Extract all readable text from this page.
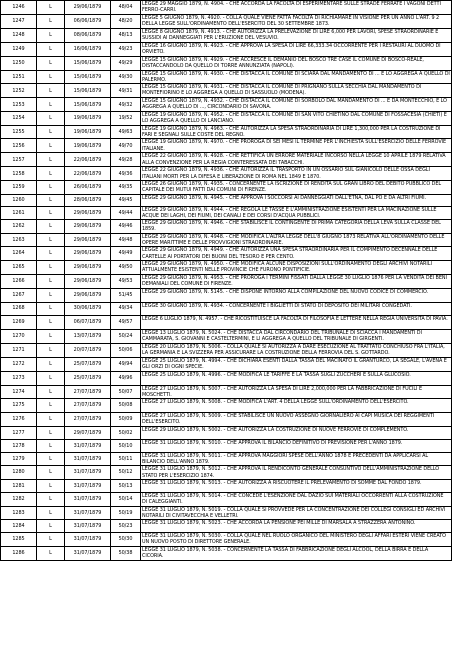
1246	L	29/06/1879	48/04	LEGGE 29 MAGGIO 1879, N. 4904. - CHE ACCORDA LA FACOLTA DI ESPERIMENTARE SULLE STRADE FERRATE I VAGONI DETTI FERRO-CARRI.
1247	L	06/06/1879	48/20	LEGGE 5 GIUGNO 1879, N. 4920. - COLLA QUALE VIENE FATTA FACOLTA DI RICHIAMARE IN VISIONE PER UN ANNO L'ART. 9 2 DELLA LEGGE SULL'ORDINAMENTO DELL'ESERCITO DEL 30 SETTEMBRE 1873.
1248	L	08/06/1879	48/13	LEGGE 8 GIUGNO 1879, N. 4913. - CHE AUTORIZZA LA PRELEVAZIONE DI LIRE 6,000 PER LAVORI, SPESE STRAORDINARIE E SUSSIDI AI DANNEGGIATI PER L'ERUZIONE DEL VESUVIO.
1249	L	16/06/1879	49/23	LEGGE 16 GIUGNO 1879, N. 4923. - CHE APPROVA LA SPESA DI LIRE 66,333.34 OCCORRENTE PER I RESTAURI AL DUOMO DI ORVIETO.
1250	L	15/06/1879	49/29	LEGGE 15 GIUGNO 1879, N. 4929. - CHE ACCRESCE IL DEMANIO DEL BOSCO TRE CASE IL COMUNE DI BOSCO-REALE, DISTACCANDOLO DA QUELLO DI TORRE ANNUNZIATA (NAPOLI).
1251	L	15/06/1879	49/30	LEGGE 15 GIUGNO 1879, N. 4930. - CHE DISTACCA IL COMUNE DI SCIARA DAL MANDAMENTO DI ... E LO AGGREGA A QUELLO DI PALERMO.
1252	L	15/06/1879	49/31	LEGGE 15 GIUGNO 1879, N. 4931. - CHE DISTACCA IL COMUNE DI PRIGNANO SULLA SECCHIA DAL MANDAMENTO DI MONTEFIORINO E LO AGGREGA A QUELLO DI SASSUOLO (MODENA).
1253	L	15/06/1879	49/32	LEGGE 15 GIUGNO 1879, N. 4932. - CHE DISTACCA IL COMUNE DI SORBOLO DAL MANDAMENTO DI ... E DA MONTECCHIO, E LO AGGREGA A QUELLO DI ..., CIRCONDARIO DI SAVONA.
1254	L	19/06/1879	19/52	LEGGE 19 GIUGNO 1879, N. 4952. - CHE DISTACCA IL COMUNE DI SAN VITO CHIETINO DAL COMUNE DI FOSSACESIA (CHIETI) E LO AGGREGA A QUELLO DI LANCIANO.
1255	L	19/06/1879	49/63	LEGGE 19 GIUGNO 1879, N. 4963. - CHE AUTORIZZA LA SPESA STRAORDINARIA DI LIRE 1,300,000 PER LA COSTRUZIONE DI FARI E SEGNALI SULLE COSTE DEL REGNO.
1256	L	19/06/1879	49/70	LEGGE 19 GIUGNO 1879, N. 4970. - CHE PROROGA DI SEI MESI IL TERMINE PER L'INCHIESTA SULL'ESERCIZIO DELLE FERROVIE ITALIANE.
1257	L	22/06/1879	49/28	LEGGE 22 GIUGNO 1879, N. 4928. - CHE RETTIFICA UN ERRORE MATERIALE INCORSO NELLA LEGGE 10 APRILE 1879 RELATIVA ALLA CONVENZIONE PER LA REGIA COINTERESSATA DEI TABACCHI.
1258	L	22/06/1879	49/36	LEGGE 22 GIUGNO 1879, N. 4936. - CHE AUTORIZZA IL TRASPORTO IN UN OSSARIO SUL GIANICOLO DELLE OSSA DEGLI ITALIANI MORTI PER LA DIFESA E LIBERAZIONE DI ROMA NEL 1849 E 1870.
1259	L	26/06/1879	49/35	LEGGE 26 GIUGNO 1879, N. 4935. - CONCERNENTE LA ISCRIZIONE DI RENDITA SUL GRAN LIBRO DEL DEBITO PUBBLICO DEL CAPITALE DEI MUTUI FATTI DAI COMUNI DI FIRENZE.
1260	L	28/06/1879	49/45	LEGGE 29 GIUGNO 1879, N. 4945. - CHE APPROVA I SOCCORSI AI DANNEGGIATI DALL'ETNA, DAL PO E DA ALTRI FIUMI.
1261	L	29/06/1879	49/44	LEGGE 29 GIUGNO 1879, N. 4944. - CHE REGOLA LE TASSE E L'AMMINISTRAZIONE ESISTENTI PER LA MACINAZIONE SULLE ACQUE DEI LAGHI, DEI FIUMI, DEI CANALI E DEI CORSI D'ACQUA PUBBLICI.
1262	L	29/06/1879	49/46	LEGGE 29 GIUGNO 1879, N. 4946. - CHE STABILISCE IL CONTINGENTE DI PRIMA CATEGORIA DELLA LEVA SULLA CLASSE DEL 1859.
1263	L	29/06/1879	49/48	LEGGE 29 GIUGNO 1879, N. 4948. - CHE MODIFICA L'ALTRA LEGGE DELL'8 GIUGNO 1873 RELATIVA ALL'ORDINAMENTO DELLE OPERE MARITTIME E DELLE PROVVIGIONI STRAORDINARIE.
1264	L	29/06/1879	49/49	LEGGE 29 GIUGNO 1879, N. 4949. - CHE AUTORIZZA UNA SPESA STRAORDINARIA PER IL COMPIMENTO DECENNALE DELLE CARTELLE AI PORTATORI DEI BUONI DEL TESORO E PER CENTO.
1265	L	29/06/1879	49/50	LEGGE 29 GIUGNO 1879, N. 4950. - CHE MODIFICA ALCUNE DISPOSIZIONI SULL'ORDINAMENTO DEGLI ARCHIVI NOTARILI ATTUALMENTE ESISTENTI NELLE PROVINCIE CHE FURONO PONTIFICIE.
1266	L	29/06/1879	49/53	LEGGE 29 GIUGNO 1879, N. 4953. - CHE PROROGA I TERMINI FISSATI DALLA LEGGE 30 LUGLIO 1876 PER LA VENDITA DEI BENI DEMANIALI DEL COMUNE DI FIRENZE.
1267	L	29/06/1879	51/45	LEGGE 29 GIUGNO 1879, N. 5145. - CHE DISPONE INTORNO ALLA COMPILAZIONE DEL NUOVO CODICE DI COMMERCIO.
1268	L	30/06/1879	49/34	LEGGE 30 GIUGNO 1879, N. 4934. - CONCERNENTE I BIGLIETTI DI STATO DI DEPOSITO DEI MILITARI CONGEDATI.
1269	L	06/07/1879	49/57	LEGGE 6 LUGLIO 1879, N. 4957. - CHE RICOSTITUISCE LA FACOLTA DI FILOSOFIA E LETTERE NELLA REGIA UNIVERSITA DI PAVIA.
1270	L	13/07/1879	50/24	LEGGE 13 LUGLIO 1879, N. 5024. - CHE DISTACCA DAL CIRCONDARIO DEL TRIBUNALE DI SCIACCA I MANDAMENTI DI CAMMARATA, S. GIOVANNI E CASTELTERMINI, E LI AGGREGA A QUELLO DEL TRIBUNALE DI GIRGENTI.
1271	L	20/07/1879	50/06	LEGGE 20 LUGLIO 1879, N. 5006. - COLLA QUALE SI AUTORIZZA A DARE ESECUZIONE AL TRATTATO CONCHIUSO FRA L'ITALIA, LA GERMANIA E LA SVIZZERA PER ASSICURARE LA COSTRUZIONE DELLA FERROVIA DEL S. GOTTARDO.
1272	L	25/07/1879	49/94	LEGGE 25 LUGLIO 1879, N. 4994. - CHE DICHIARA ESENTI DALLA TASSA DEL MACINATO IL GRANTURCO, LA SEGALE, L'AVENA E GLI ORZI DI OGNI SPECIE.
1273	L	25/07/1879	49/96	LEGGE 25 LUGLIO 1879, N. 4996. - CHE MODIFICA LE TARIFFE E LA TASSA SUGLI ZUCCHERI E SULLA GLUCOSIO.
1274	L	27/07/1879	50/07	LEGGE 27 LUGLIO 1879, N. 5007. - CHE AUTORIZZA LA SPESA DI LIRE 2,000,000 PER LA FABBRICAZIONE DI FUCILI E MOSCHETTI.
1275	L	27/07/1879	50/08	LEGGE 27 LUGLIO 1879, N. 5008. - CHE MODIFICA L'ART. 4 DELLA LEGGE SULL'ORDINAMENTO DELL'ESERCITO.
1276	L	27/07/1879	50/09	LEGGE 27 LUGLIO 1879, N. 5009. - CHE STABILISCE UN NUOVO ASSEGNO GIORNALIERO AI CAPI MUSICA DEI REGGIMENTI DELL'ESERCITO.
1277	L	29/07/1879	50/02	LEGGE 29 LUGLIO 1879, N. 5002. - CHE AUTORIZZA LA COSTRUZIONE DI NUOVE FERROVIE DI COMPLEMENTO.
1278	L	31/07/1879	50/10	LEGGE 31 LUGLIO 1879, N. 5010. - CHE APPROVA IL BILANCIO DEFINITIVO DI PREVISIONE PER L'ANNO 1879.
1279	L	31/07/1879	50/11	LEGGE 31 LUGLIO 1879, N. 5011. - CHE APPROVA MAGGIORI SPESE DELL'ANNO 1878 E PRECEDENTI DA APPLICARSI AL BILANCIO DELL'ANNO 1879.
1280	L	31/07/1879	50/12	LEGGE 31 LUGLIO 1879, N. 5012. - CHE APPROVA IL RENDICONTO GENERALE CONSUNTIVO DELL'AMMINISTRAZIONE DELLO STATO PER L'ESERCIZIO 1874.
1281	L	31/07/1879	50/13	LEGGE 31 LUGLIO 1879, N. 5013. - CHE AUTORIZZA A RISCUOTERE IL PRELEVAMENTO DI SOMME DAL FONDO 1879.
1282	L	31/07/1879	50/14	LEGGE 31 LUGLIO 1879, N. 5014. - CHE CONCEDE L'ESENZIONE DAL DAZIO SUI MATERIALI OCCORRENTI ALLA COSTRUZIONE DI CALEGGIANTI.
1283	L	31/07/1879	50/19	LEGGE 31 LUGLIO 1879, N. 5019. - COLLA QUALE SI PROVVEDE PER LA CONCENTRAZIONE DEI COLLEGI CONSIGLI ED ARCHIVI NOTARILI DI CIVITAVECCHIA E VELLETRI.
1284	L	31/07/1879	50/23	LEGGE 31 LUGLIO 1879, N. 5023. - CHE ACCORDA LA PENSIONE PEI MILLE DI MARSALA A STRAZZERA ANTONINO.
1285	L	31/07/1879	50/30	LEGGE 31 LUGLIO 1879, N. 5030. - COLLA QUALE NEL RUOLO ORGANICO DEL MINISTERO DEGLI AFFARI ESTERI VIENE CREATO UN NUOVO POSTO DI DIRETTORE GENERALE.
1286	L	31/07/1879	50/38	LEGGE 31 LUGLIO 1879, N. 5038. - CONCERNENTE LA TASSA DI FABBRICAZIONE DEGLI ALCOOL, DELLA BIRRA E DELLA CICORIA.
